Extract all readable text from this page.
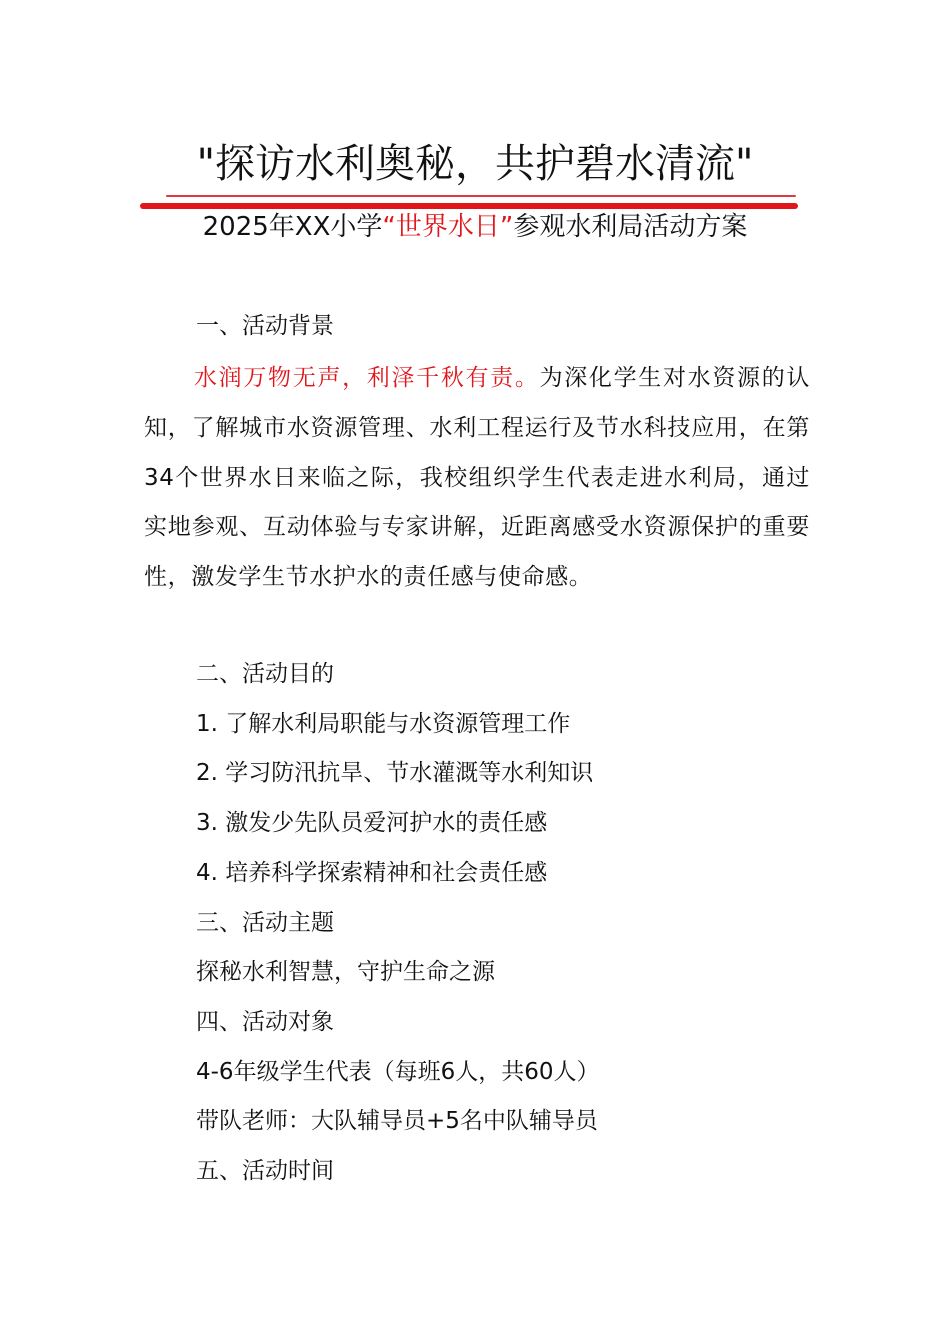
"探访水利奥秘，共护碧水清流"
2025年XX小学“世界水日”参观水利局活动方案
一、活动背景
水润万物无声，利泽千秋有责。为深化学生对水资源的认知，了解城市水资源管理、水利工程运行及节水科技应用，在第34个世界水日来临之际，我校组织学生代表走进水利局，通过实地参观、互动体验与专家讲解，近距离感受水资源保护的重要性，激发学生节水护水的责任感与使命感。
二、活动目的
1. 了解水利局职能与水资源管理工作
2. 学习防汛抗旱、节水灌溉等水利知识
3. 激发少先队员爱河护水的责任感
4. 培养科学探索精神和社会责任感
三、活动主题
探秘水利智慧，守护生命之源
四、活动对象
4-6年级学生代表（每班6人，共60人）
带队老师：大队辅导员+5名中队辅导员
五、活动时间
